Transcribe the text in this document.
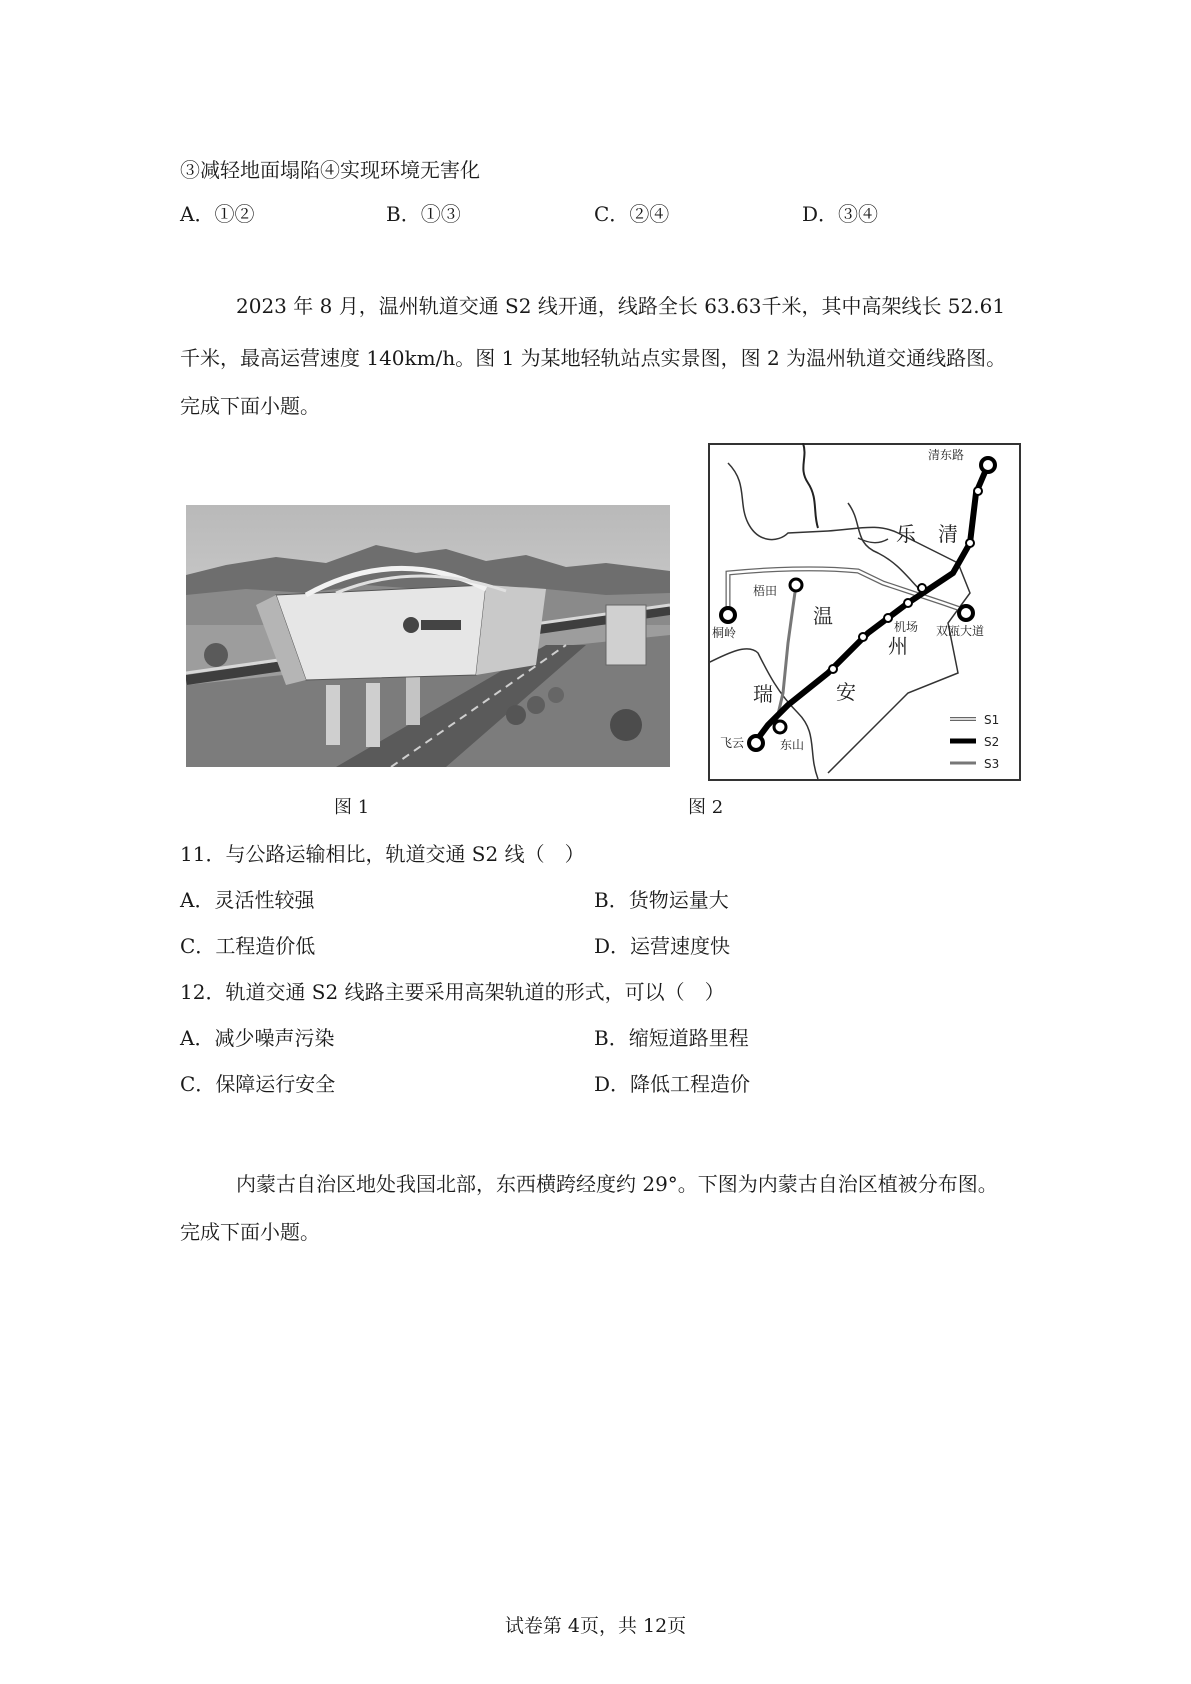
③减轻地面塌陷④实现环境无害化
A．①②	B．①③	C．②④	D．③④
2023 年 8 月，温州轨道交通 S2 线开通，线路全长 63.63千米，其中高架线长 52.61
千米，最高运营速度 140km/h。图 1 为某地轻轨站点实景图，图 2 为温州轨道交通线路图。
完成下面小题。
乐 清
温
州
瑞	安
清东路
梧田
桐岭	机场 双瓯大道
东山
飞云
S1
S2
S3
图 1	图 2
11．与公路运输相比，轨道交通 S2 线（　）
A．灵活性较强	B．货物运量大
C．工程造价低	D．运营速度快
12．轨道交通 S2 线路主要采用高架轨道的形式，可以（　）
A．减少噪声污染	B．缩短道路里程
C．保障运行安全	D．降低工程造价
内蒙古自治区地处我国北部，东西横跨经度约 29°。下图为内蒙古自治区植被分布图。
完成下面小题。
试卷第 4页，共 12页
